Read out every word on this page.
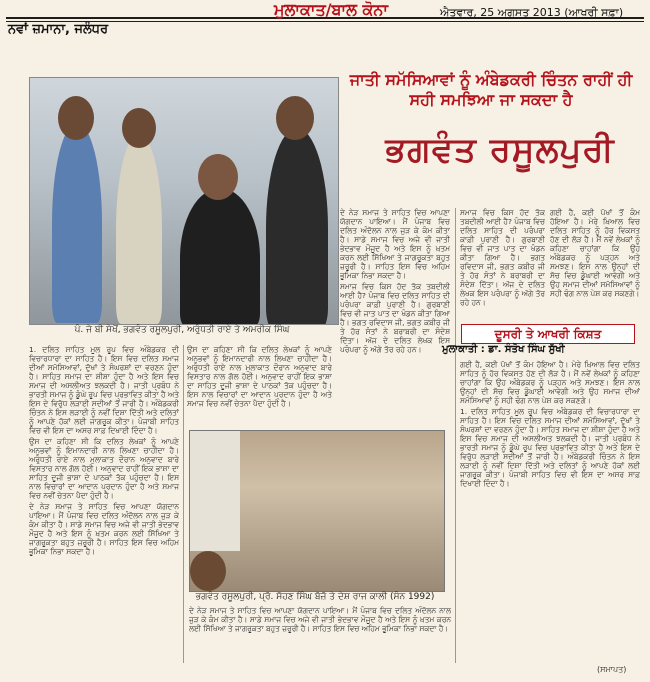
ਨਵਾਂ ਜ਼ਮਾਨਾ, ਜਲੰਧਰ
ਮੁਲਾਕਾਤ/ਬਾਲ ਕੋਨਾ	ਐਤਵਾਰ, 25 ਅਗਸਤ 2013 (ਆਖਰੀ ਸਫ਼ਾ)
ਪੰ. ਜੇ ਬੀ ਸੇਖੋਂ, ਭਗਵੰਤ ਰਸੂਲਪੁਰੀ, ਅਰੁੰਧਤੀ ਰਾਏ ਤੇ ਅਮਰੀਕ ਸਿੰਘ
ਜਾਤੀ ਸਮੱਸਿਆਵਾਂ ਨੂੰ ਅੰਬੇਡਕਰੀ ਚਿੰਤਨ ਰਾਹੀਂ ਹੀ ਸਹੀ ਸਮਝਿਆ ਜਾ ਸਕਦਾ ਹੈ
ਭਗਵੰਤ ਰਸੂਲਪੁਰੀ

1. ਦਲਿਤ ਸਾਹਿਤ ਮੂਲ ਰੂਪ ਵਿਚ ਅੰਬੇਡਕਰ ਦੀ ਵਿਚਾਰਧਾਰਾ ਦਾ ਸਾਹਿਤ ਹੈ। ਇਸ ਵਿਚ ਦਲਿਤ ਸਮਾਜ ਦੀਆਂ ਸਮੱਸਿਆਵਾਂ, ਦੁੱਖਾਂ ਤੇ ਸੰਘਰਸ਼ਾਂ ਦਾ ਵਰਣਨ ਹੁੰਦਾ ਹੈ। ਸਾਹਿਤ ਸਮਾਜ ਦਾ ਸ਼ੀਸ਼ਾ ਹੁੰਦਾ ਹੈ ਅਤੇ ਇਸ ਵਿਚ ਸਮਾਜ ਦੀ ਅਸਲੀਅਤ ਝਲਕਦੀ ਹੈ। ਜਾਤੀ ਪ੍ਰਬੰਧ ਨੇ ਭਾਰਤੀ ਸਮਾਜ ਨੂੰ ਡੂੰਘੇ ਰੂਪ ਵਿਚ ਪ੍ਰਭਾਵਿਤ ਕੀਤਾ ਹੈ ਅਤੇ ਇਸ ਦੇ ਵਿਰੁੱਧ ਲੜਾਈ ਸਦੀਆਂ ਤੋਂ ਜਾਰੀ ਹੈ। ਅੰਬੇਡਕਰੀ ਚਿੰਤਨ ਨੇ ਇਸ ਲੜਾਈ ਨੂੰ ਨਵੀਂ ਦਿਸ਼ਾ ਦਿੱਤੀ ਅਤੇ ਦਲਿਤਾਂ ਨੂੰ ਆਪਣੇ ਹੱਕਾਂ ਲਈ ਜਾਗਰੂਕ ਕੀਤਾ। ਪੰਜਾਬੀ ਸਾਹਿਤ ਵਿਚ ਵੀ ਇਸ ਦਾ ਅਸਰ ਸਾਫ਼ ਦਿਖਾਈ ਦਿੰਦਾ ਹੈ।

ਉਸ ਦਾ ਕਹਿਣਾ ਸੀ ਕਿ ਦਲਿਤ ਲੇਖਕਾਂ ਨੂੰ ਆਪਣੇ ਅਨੁਭਵਾਂ ਨੂੰ ਇਮਾਨਦਾਰੀ ਨਾਲ ਲਿਖਣਾ ਚਾਹੀਦਾ ਹੈ। ਅਰੁੰਧਤੀ ਰਾਏ ਨਾਲ ਮੁਲਾਕਾਤ ਦੌਰਾਨ ਅਨੁਵਾਦ ਬਾਰੇ ਵਿਸਤਾਰ ਨਾਲ ਗੱਲ ਹੋਈ। ਅਨੁਵਾਦ ਰਾਹੀਂ ਇਕ ਭਾਸ਼ਾ ਦਾ ਸਾਹਿਤ ਦੂਜੀ ਭਾਸ਼ਾ ਦੇ ਪਾਠਕਾਂ ਤੱਕ ਪਹੁੰਚਦਾ ਹੈ। ਇਸ ਨਾਲ ਵਿਚਾਰਾਂ ਦਾ ਆਦਾਨ ਪ੍ਰਦਾਨ ਹੁੰਦਾ ਹੈ ਅਤੇ ਸਮਾਜ ਵਿਚ ਨਵੀਂ ਚੇਤਨਾ ਪੈਦਾ ਹੁੰਦੀ ਹੈ।

ਦੇ ਨੇੜ ਸਮਾਜ ਤੇ ਸਾਹਿਤ ਵਿਚ ਆਪਣਾ ਯੋਗਦਾਨ ਪਾਇਆ। ਮੈਂ ਪੰਜਾਬ ਵਿਚ ਦਲਿਤ ਅੰਦੋਲਨ ਨਾਲ ਜੁੜ ਕੇ ਕੰਮ ਕੀਤਾ ਹੈ। ਸਾਡੇ ਸਮਾਜ ਵਿਚ ਅਜੇ ਵੀ ਜਾਤੀ ਭੇਦਭਾਵ ਮੌਜੂਦ ਹੈ ਅਤੇ ਇਸ ਨੂੰ ਖ਼ਤਮ ਕਰਨ ਲਈ ਸਿੱਖਿਆ ਤੇ ਜਾਗਰੂਕਤਾ ਬਹੁਤ ਜ਼ਰੂਰੀ ਹੈ। ਸਾਹਿਤ ਇਸ ਵਿਚ ਅਹਿਮ ਭੂਮਿਕਾ ਨਿਭਾ ਸਕਦਾ ਹੈ।

ਉਸ ਦਾ ਕਹਿਣਾ ਸੀ ਕਿ ਦਲਿਤ ਲੇਖਕਾਂ ਨੂੰ ਆਪਣੇ ਅਨੁਭਵਾਂ ਨੂੰ ਇਮਾਨਦਾਰੀ ਨਾਲ ਲਿਖਣਾ ਚਾਹੀਦਾ ਹੈ। ਅਰੁੰਧਤੀ ਰਾਏ ਨਾਲ ਮੁਲਾਕਾਤ ਦੌਰਾਨ ਅਨੁਵਾਦ ਬਾਰੇ ਵਿਸਤਾਰ ਨਾਲ ਗੱਲ ਹੋਈ। ਅਨੁਵਾਦ ਰਾਹੀਂ ਇਕ ਭਾਸ਼ਾ ਦਾ ਸਾਹਿਤ ਦੂਜੀ ਭਾਸ਼ਾ ਦੇ ਪਾਠਕਾਂ ਤੱਕ ਪਹੁੰਚਦਾ ਹੈ। ਇਸ ਨਾਲ ਵਿਚਾਰਾਂ ਦਾ ਆਦਾਨ ਪ੍ਰਦਾਨ ਹੁੰਦਾ ਹੈ ਅਤੇ ਸਮਾਜ ਵਿਚ ਨਵੀਂ ਚੇਤਨਾ ਪੈਦਾ ਹੁੰਦੀ ਹੈ।

ਦੇ ਨੇੜ ਸਮਾਜ ਤੇ ਸਾਹਿਤ ਵਿਚ ਆਪਣਾ ਯੋਗਦਾਨ ਪਾਇਆ। ਮੈਂ ਪੰਜਾਬ ਵਿਚ ਦਲਿਤ ਅੰਦੋਲਨ ਨਾਲ ਜੁੜ ਕੇ ਕੰਮ ਕੀਤਾ ਹੈ। ਸਾਡੇ ਸਮਾਜ ਵਿਚ ਅਜੇ ਵੀ ਜਾਤੀ ਭੇਦਭਾਵ ਮੌਜੂਦ ਹੈ ਅਤੇ ਇਸ ਨੂੰ ਖ਼ਤਮ ਕਰਨ ਲਈ ਸਿੱਖਿਆ ਤੇ ਜਾਗਰੂਕਤਾ ਬਹੁਤ ਜ਼ਰੂਰੀ ਹੈ। ਸਾਹਿਤ ਇਸ ਵਿਚ ਅਹਿਮ ਭੂਮਿਕਾ ਨਿਭਾ ਸਕਦਾ ਹੈ।

ਸਮਾਜ ਵਿਚ ਕਿਸ ਹੱਦ ਤੱਕ ਤਬਦੀਲੀ ਆਈ ਹੈ? ਪੰਜਾਬ ਵਿਚ ਦਲਿਤ ਸਾਹਿਤ ਦੀ ਪਰੰਪਰਾ ਕਾਫ਼ੀ ਪੁਰਾਣੀ ਹੈ। ਗੁਰਬਾਣੀ ਵਿਚ ਵੀ ਜਾਤ ਪਾਤ ਦਾ ਖੰਡਨ ਕੀਤਾ ਗਿਆ ਹੈ। ਭਗਤ ਰਵਿਦਾਸ ਜੀ, ਭਗਤ ਕਬੀਰ ਜੀ ਤੇ ਹੋਰ ਸੰਤਾਂ ਨੇ ਬਰਾਬਰੀ ਦਾ ਸੰਦੇਸ਼ ਦਿੱਤਾ। ਅੱਜ ਦੇ ਦਲਿਤ ਲੇਖਕ ਇਸ ਪਰੰਪਰਾ ਨੂੰ ਅੱਗੇ ਤੋਰ ਰਹੇ ਹਨ।

ਸਮਾਜ ਵਿਚ ਕਿਸ ਹੱਦ ਤੱਕ ਤਬਦੀਲੀ ਆਈ ਹੈ? ਪੰਜਾਬ ਵਿਚ ਦਲਿਤ ਸਾਹਿਤ ਦੀ ਪਰੰਪਰਾ ਕਾਫ਼ੀ ਪੁਰਾਣੀ ਹੈ। ਗੁਰਬਾਣੀ ਵਿਚ ਵੀ ਜਾਤ ਪਾਤ ਦਾ ਖੰਡਨ ਕੀਤਾ ਗਿਆ ਹੈ। ਭਗਤ ਰਵਿਦਾਸ ਜੀ, ਭਗਤ ਕਬੀਰ ਜੀ ਤੇ ਹੋਰ ਸੰਤਾਂ ਨੇ ਬਰਾਬਰੀ ਦਾ ਸੰਦੇਸ਼ ਦਿੱਤਾ। ਅੱਜ ਦੇ ਦਲਿਤ ਲੇਖਕ ਇਸ ਪਰੰਪਰਾ ਨੂੰ ਅੱਗੇ ਤੋਰ ਰਹੇ ਹਨ।

ਗਈ ਹੈ, ਕਈ ਪੱਖਾਂ ਤੋਂ ਕੰਮ ਹੋਇਆ ਹੈ। ਮੇਰੇ ਖ਼ਿਆਲ ਵਿਚ ਦਲਿਤ ਸਾਹਿਤ ਨੂੰ ਹੋਰ ਵਿਕਸਤ ਹੋਣ ਦੀ ਲੋੜ ਹੈ। ਮੈਂ ਨਵੇਂ ਲੇਖਕਾਂ ਨੂੰ ਕਹਿਣਾ ਚਾਹਾਂਗਾ ਕਿ ਉਹ ਅੰਬੇਡਕਰ ਨੂੰ ਪੜ੍ਹਨ ਅਤੇ ਸਮਝਣ। ਇਸ ਨਾਲ ਉਨ੍ਹਾਂ ਦੀ ਸੋਚ ਵਿਚ ਡੂੰਘਾਈ ਆਵੇਗੀ ਅਤੇ ਉਹ ਸਮਾਜ ਦੀਆਂ ਸਮੱਸਿਆਵਾਂ ਨੂੰ ਸਹੀ ਢੰਗ ਨਾਲ ਪੇਸ਼ ਕਰ ਸਕਣਗੇ।

ਗਈ ਹੈ, ਕਈ ਪੱਖਾਂ ਤੋਂ ਕੰਮ ਹੋਇਆ ਹੈ। ਮੇਰੇ ਖ਼ਿਆਲ ਵਿਚ ਦਲਿਤ ਸਾਹਿਤ ਨੂੰ ਹੋਰ ਵਿਕਸਤ ਹੋਣ ਦੀ ਲੋੜ ਹੈ। ਮੈਂ ਨਵੇਂ ਲੇਖਕਾਂ ਨੂੰ ਕਹਿਣਾ ਚਾਹਾਂਗਾ ਕਿ ਉਹ ਅੰਬੇਡਕਰ ਨੂੰ ਪੜ੍ਹਨ ਅਤੇ ਸਮਝਣ। ਇਸ ਨਾਲ ਉਨ੍ਹਾਂ ਦੀ ਸੋਚ ਵਿਚ ਡੂੰਘਾਈ ਆਵੇਗੀ ਅਤੇ ਉਹ ਸਮਾਜ ਦੀਆਂ ਸਮੱਸਿਆਵਾਂ ਨੂੰ ਸਹੀ ਢੰਗ ਨਾਲ ਪੇਸ਼ ਕਰ ਸਕਣਗੇ।

1. ਦਲਿਤ ਸਾਹਿਤ ਮੂਲ ਰੂਪ ਵਿਚ ਅੰਬੇਡਕਰ ਦੀ ਵਿਚਾਰਧਾਰਾ ਦਾ ਸਾਹਿਤ ਹੈ। ਇਸ ਵਿਚ ਦਲਿਤ ਸਮਾਜ ਦੀਆਂ ਸਮੱਸਿਆਵਾਂ, ਦੁੱਖਾਂ ਤੇ ਸੰਘਰਸ਼ਾਂ ਦਾ ਵਰਣਨ ਹੁੰਦਾ ਹੈ। ਸਾਹਿਤ ਸਮਾਜ ਦਾ ਸ਼ੀਸ਼ਾ ਹੁੰਦਾ ਹੈ ਅਤੇ ਇਸ ਵਿਚ ਸਮਾਜ ਦੀ ਅਸਲੀਅਤ ਝਲਕਦੀ ਹੈ। ਜਾਤੀ ਪ੍ਰਬੰਧ ਨੇ ਭਾਰਤੀ ਸਮਾਜ ਨੂੰ ਡੂੰਘੇ ਰੂਪ ਵਿਚ ਪ੍ਰਭਾਵਿਤ ਕੀਤਾ ਹੈ ਅਤੇ ਇਸ ਦੇ ਵਿਰੁੱਧ ਲੜਾਈ ਸਦੀਆਂ ਤੋਂ ਜਾਰੀ ਹੈ। ਅੰਬੇਡਕਰੀ ਚਿੰਤਨ ਨੇ ਇਸ ਲੜਾਈ ਨੂੰ ਨਵੀਂ ਦਿਸ਼ਾ ਦਿੱਤੀ ਅਤੇ ਦਲਿਤਾਂ ਨੂੰ ਆਪਣੇ ਹੱਕਾਂ ਲਈ ਜਾਗਰੂਕ ਕੀਤਾ। ਪੰਜਾਬੀ ਸਾਹਿਤ ਵਿਚ ਵੀ ਇਸ ਦਾ ਅਸਰ ਸਾਫ਼ ਦਿਖਾਈ ਦਿੰਦਾ ਹੈ।

ਦੂਸਰੀ ਤੇ ਆਖਰੀ ਕਿਸ਼ਤ
ਮੁਲਾਕਾਤੀ : ਡਾ. ਸੰਤੋਖ ਸਿੰਘ ਸੁੱਖੀ
ਭਗਵੰਤ ਰਸੂਲਪੁਰੀ, ਪ੍ਰੋ. ਸੋਹਣ ਸਿੰਘ ਬੋਜ਼ੋ ਤੇ ਦੇਸ਼ ਰਾਜ ਕਾਲੀ (ਸੰਨ 1992)

ਦੇ ਨੇੜ ਸਮਾਜ ਤੇ ਸਾਹਿਤ ਵਿਚ ਆਪਣਾ ਯੋਗਦਾਨ ਪਾਇਆ। ਮੈਂ ਪੰਜਾਬ ਵਿਚ ਦਲਿਤ ਅੰਦੋਲਨ ਨਾਲ ਜੁੜ ਕੇ ਕੰਮ ਕੀਤਾ ਹੈ। ਸਾਡੇ ਸਮਾਜ ਵਿਚ ਅਜੇ ਵੀ ਜਾਤੀ ਭੇਦਭਾਵ ਮੌਜੂਦ ਹੈ ਅਤੇ ਇਸ ਨੂੰ ਖ਼ਤਮ ਕਰਨ ਲਈ ਸਿੱਖਿਆ ਤੇ ਜਾਗਰੂਕਤਾ ਬਹੁਤ ਜ਼ਰੂਰੀ ਹੈ। ਸਾਹਿਤ ਇਸ ਵਿਚ ਅਹਿਮ ਭੂਮਿਕਾ ਨਿਭਾ ਸਕਦਾ ਹੈ।

(ਸਮਾਪਤ)
